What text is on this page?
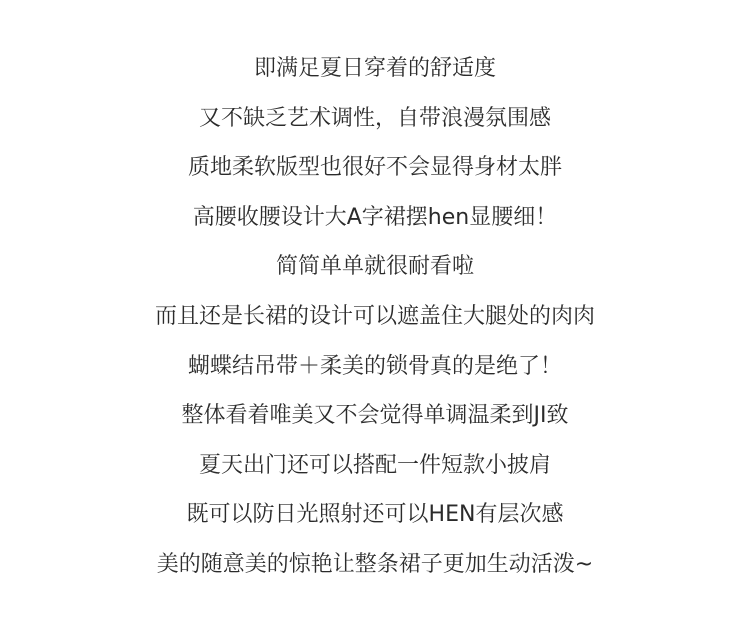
即满足夏日穿着的舒适度
又不缺乏艺术调性，自带浪漫氛围感
质地柔软版型也很好不会显得身材太胖
高腰收腰设计大A字裙摆hen显腰细！
简简单单就很耐看啦
而且还是长裙的设计可以遮盖住大腿处的肉肉
蝴蝶结吊带＋柔美的锁骨真的是绝了！
整体看着唯美又不会觉得单调温柔到JI致
夏天出门还可以搭配一件短款小披肩
既可以防日光照射还可以HEN有层次感
美的随意美的惊艳让整条裙子更加生动活泼~
